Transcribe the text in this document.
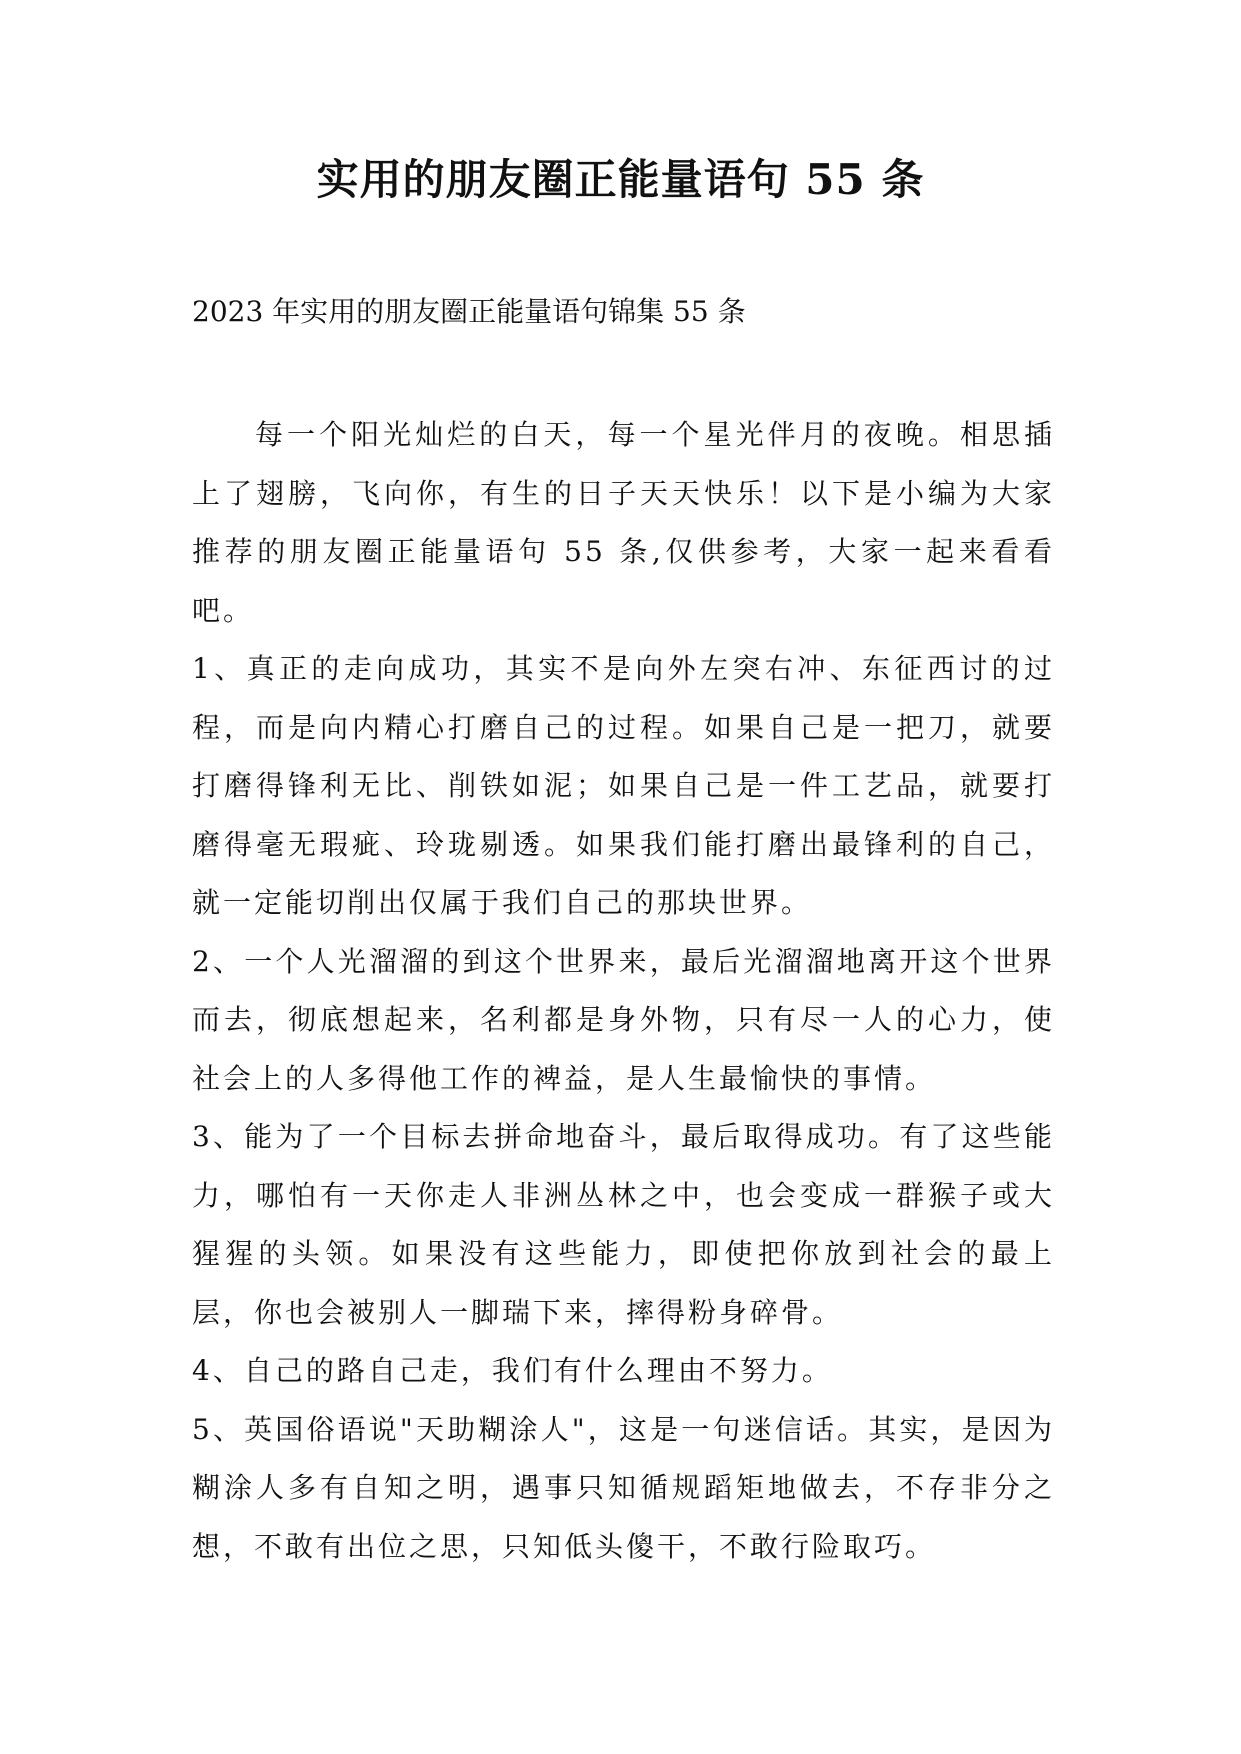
实用的朋友圈正能量语句 55 条

2023 年实用的朋友圈正能量语句锦集 55 条

每一个阳光灿烂的白天，每一个星光伴月的夜晚。相思插上了翅膀，飞向你，有生的日子天天快乐！以下是小编为大家推荐的朋友圈正能量语句 55 条,仅供参考，大家一起来看看吧。

1、真正的走向成功，其实不是向外左突右冲、东征西讨的过程，而是向内精心打磨自己的过程。如果自己是一把刀，就要打磨得锋利无比、削铁如泥；如果自己是一件工艺品，就要打磨得毫无瑕疵、玲珑剔透。如果我们能打磨出最锋利的自己，就一定能切削出仅属于我们自己的那块世界。

2、一个人光溜溜的到这个世界来，最后光溜溜地离开这个世界而去，彻底想起来，名利都是身外物，只有尽一人的心力，使社会上的人多得他工作的裨益，是人生最愉快的事情。

3、能为了一个目标去拼命地奋斗，最后取得成功。有了这些能力，哪怕有一天你走人非洲丛林之中，也会变成一群猴子或大猩猩的头领。如果没有这些能力，即使把你放到社会的最上层，你也会被别人一脚瑞下来，摔得粉身碎骨。

4、自己的路自己走，我们有什么理由不努力。

5、英国俗语说"天助糊涂人"，这是一句迷信话。其实，是因为糊涂人多有自知之明，遇事只知循规蹈矩地做去，不存非分之想，不敢有出位之思，只知低头傻干，不敢行险取巧。
